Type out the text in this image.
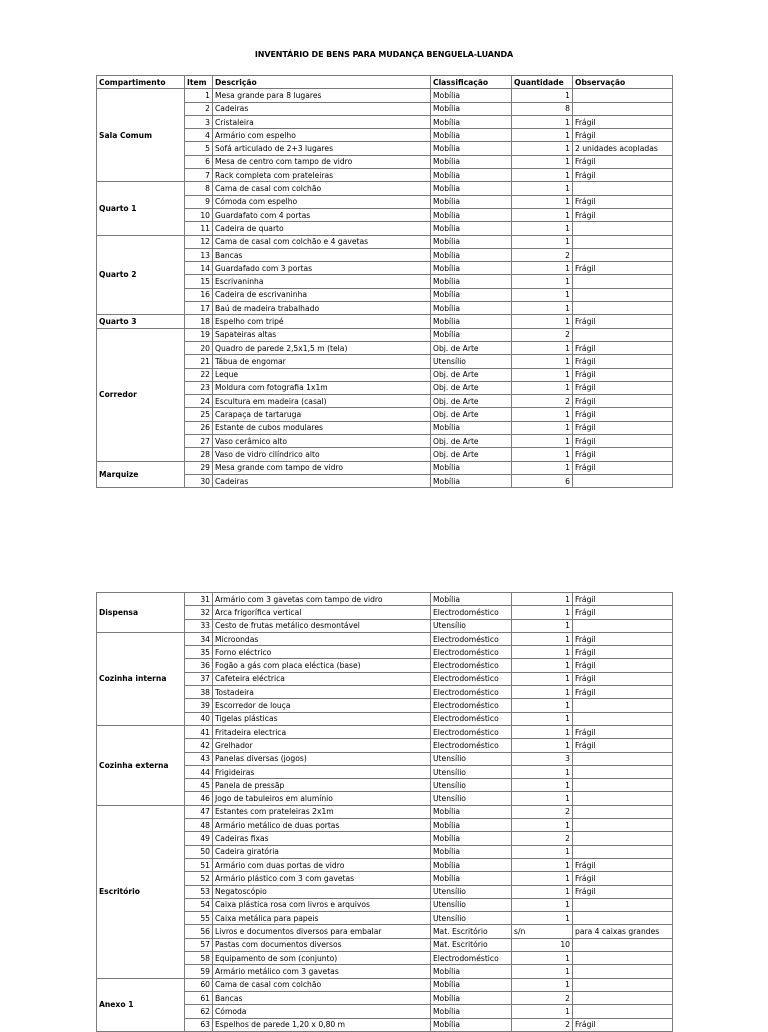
INVENTÁRIO DE BENS PARA MUDANÇA BENGUELA-LUANDA
Compartimento	Item	Descrição	Classificação	Quantidade	Observação
Sala Comum	1	Mesa grande para 8 lugares	Mobília	1	
	2	Cadeiras	Mobília	8	
	3	Cristaleira	Mobília	1	Frágil
	4	Armário com espelho	Mobília	1	Frágil
	5	Sofá articulado de 2+3 lugares	Mobília	1	2 unidades acopladas
	6	Mesa de centro com tampo de vidro	Mobília	1	Frágil
	7	Rack completa com prateleiras	Mobília	1	Frágil
Quarto 1	8	Cama de casal com colchão	Mobília	1	
	9	Cómoda com espelho	Mobília	1	Frágil
	10	Guardafato com 4 portas	Mobília	1	Frágil
	11	Cadeira de quarto	Mobília	1	
Quarto 2	12	Cama de casal com colchão e 4 gavetas	Mobília	1	
	13	Bancas	Mobília	2	
	14	Guardafado com 3 portas	Mobília	1	Frágil
	15	Escrivaninha	Mobília	1	
	16	Cadeira de escrivaninha	Mobília	1	
	17	Baú de madeira trabalhado	Mobília	1	
Quarto 3	18	Espelho com tripé	Mobília	1	Frágil
Corredor	19	Sapateiras altas	Mobília	2	
	20	Quadro de parede 2,5x1,5 m (tela)	Obj. de Arte	1	Frágil
	21	Tábua de engomar	Utensílio	1	Frágil
	22	Leque	Obj. de Arte	1	Frágil
	23	Moldura com fotografia 1x1m	Obj. de Arte	1	Frágil
	24	Escultura em madeira (casal)	Obj. de Arte	2	Frágil
	25	Carapaça de tartaruga	Obj. de Arte	1	Frágil
	26	Estante de cubos modulares	Mobília	1	Frágil
	27	Vaso cerâmico alto	Obj. de Arte	1	Frágil
	28	Vaso de vidro cilíndrico alto	Obj. de Arte	1	Frágil
Marquize	29	Mesa grande com tampo de vidro	Mobília	1	Frágil
	30	Cadeiras	Mobília	6	
Dispensa	31	Armário com 3 gavetas com tampo de vidro	Mobília	1	Frágil
	32	Arca frigorífica vertical	Electrodoméstico	1	Frágil
	33	Cesto de frutas metálico desmontável	Utensílio	1	
Cozinha interna	34	Microondas	Electrodoméstico	1	Frágil
	35	Forno eléctrico	Electrodoméstico	1	Frágil
	36	Fogão a gás com placa eléctica (base)	Electrodoméstico	1	Frágil
	37	Cafeteira eléctrica	Electrodoméstico	1	Frágil
	38	Tostadeira	Electrodoméstico	1	Frágil
	39	Escorredor de louça	Electrodoméstico	1	
	40	Tigelas plásticas	Electrodoméstico	1	
Cozinha externa	41	Fritadeira electrica	Electrodoméstico	1	Frágil
	42	Grelhador	Electrodoméstico	1	Frágil
	43	Panelas diversas (jogos)	Utensílio	3	
	44	Frigideiras	Utensílio	1	
	45	Panela de pressãp	Utensílio	1	
	46	Jogo de tabuleiros em alumínio	Utensílio	1	
Escritório	47	Estantes com prateleiras 2x1m	Mobília	2	
	48	Armário metálico de duas portas	Mobília	1	
	49	Cadeiras fixas	Mobília	2	
	50	Cadeira giratória	Mobília	1	
	51	Armário com duas portas de vidro	Mobília	1	Frágil
	52	Armário plástico com 3 com gavetas	Mobília	1	Frágil
	53	Negatoscópio	Utensílio	1	Frágil
	54	Caixa plástica rosa com livros e arquivos	Utensílio	1	
	55	Caixa metálica para papeis	Utensílio	1	
	56	Livros e documentos diversos para embalar	Mat. Escritório	s/n	para 4 caixas grandes
	57	Pastas com documentos diversos	Mat. Escritório	10	
	58	Equipamento de som (conjunto)	Electrodoméstico	1	
	59	Armário metálico com 3 gavetas	Mobília	1	
Anexo 1	60	Cama de casal com colchão	Mobília	1	
	61	Bancas	Mobília	2	
	62	Cómoda	Mobília	1	
	63	Espelhos de parede 1,20 x 0,80 m	Mobília	2	Frágil
